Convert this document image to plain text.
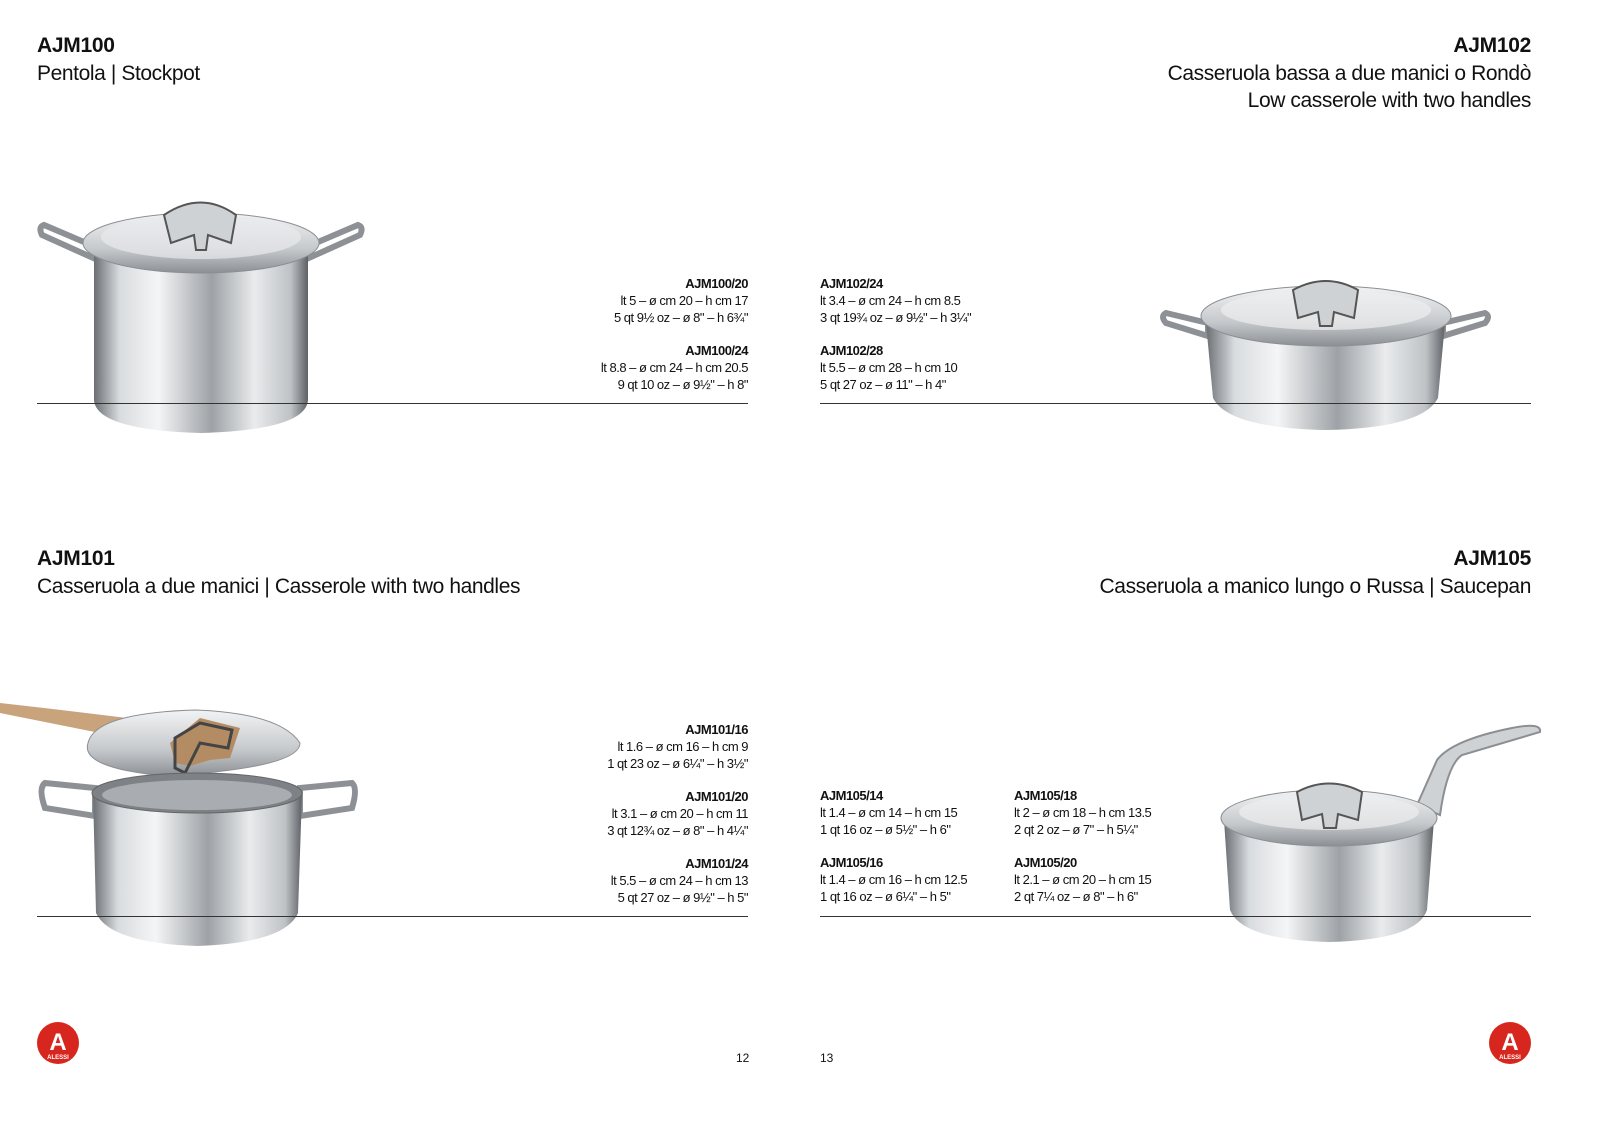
AJM100
Pentola | Stockpot
AJM100/20
lt 5 – ø cm 20 – h cm 17
5 qt 9½ oz – ø 8" – h 6¾"
AJM100/24
lt 8.8 – ø cm 24 – h cm 20.5
9 qt 10 oz – ø 9½" – h 8"
AJM102
Casseruola bassa a due manici o Rondò
Low casserole with two handles
AJM102/24
lt 3.4 – ø cm 24 – h cm 8.5
3 qt 19¾ oz – ø 9½" – h 3¼"
AJM102/28
lt 5.5 – ø cm 28 – h cm 10
5 qt 27 oz – ø 11" – h 4"
AJM101
Casseruola a due manici | Casserole with two handles
AJM101/16
lt 1.6 – ø cm 16 – h cm 9
1 qt 23 oz – ø 6¼" – h 3½"
AJM101/20
lt 3.1 – ø cm 20 – h cm 11
3 qt 12¾ oz – ø 8" – h 4¼"
AJM101/24
lt 5.5 – ø cm 24 – h cm 13
5 qt 27 oz – ø 9½" – h 5"
AJM105
Casseruola a manico lungo o Russa | Saucepan
AJM105/14
lt 1.4 – ø cm 14 – h cm 15
1 qt 16 oz – ø 5½" – h 6"
AJM105/16
lt 1.4 – ø cm 16 – h cm 12.5
1 qt 16 oz – ø 6¼" – h 5"
AJM105/18
lt 2 – ø cm 18 – h cm 13.5
2 qt 2 oz – ø 7" – h 5¼"
AJM105/20
lt 2.1 – ø cm 20 – h cm 15
2 qt 7¼ oz – ø 8" – h 6"
A
ALESSI	12	13
A
ALESSI
